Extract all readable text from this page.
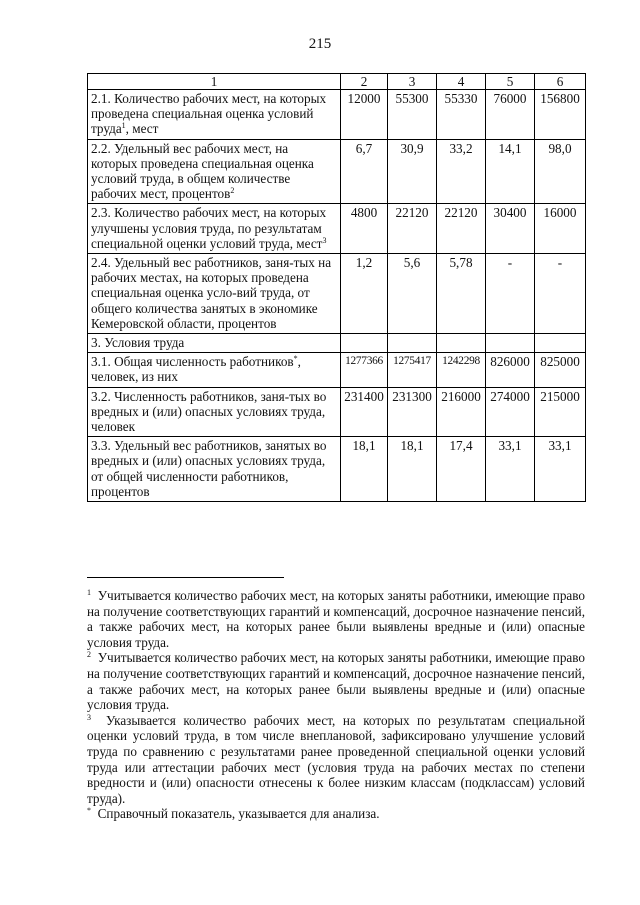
215
1	2	3	4	5	6
2.1. Количество рабочих мест, на которых проведена специальная оценка условий труда$^1$, мест	12000	55300	55330	76000	156800
2.2. Удельный вес рабочих мест, на которых проведена специальная оценка условий труда, в общем количестве рабочих мест, процентов$^2$	6,7	30,9	33,2	14,1	98,0
2.3. Количество рабочих мест, на которых улучшены условия труда, по результатам специальной оценки условий труда, мест$^3$	4800	22120	22120	30400	16000
2.4. Удельный вес работников, заня-тых на рабочих местах, на которых проведена специальная оценка усло-вий труда, от общего количества занятых в экономике Кемеровской области, процентов	1,2	5,6	5,78	-	-
3. Условия труда					
3.1. Общая численность работников*, человек, из них	1277366	1275417	1242298	826000	825000
3.2. Численность работников, заня-тых во вредных и (или) опасных условиях труда, человек	231400	231300	216000	274000	215000
3.3. Удельный вес работников, занятых во вредных и (или) опасных условиях труда, от общей численности работников, процентов	18,1	18,1	17,4	33,1	33,1

$^1$ Учитывается количество рабочих мест, на которых заняты работники, имеющие право на получение соответствующих гарантий и компенсаций, досрочное назначение пенсий, а также рабочих мест, на которых ранее были выявлены вредные и (или) опасные условия труда.

$^2$ Учитывается количество рабочих мест, на которых заняты работники, имеющие право на получение соответствующих гарантий и компенсаций, досрочное назначение пенсий, а также рабочих мест, на которых ранее были выявлены вредные и (или) опасные условия труда.

$^3$ Указывается количество рабочих мест, на которых по результатам специальной оценки условий труда, в том числе внеплановой, зафиксировано улучшение условий труда по сравнению с результатами ранее проведенной специальной оценки условий труда или аттестации рабочих мест (условия труда на рабочих местах по степени вредности и (или) опасности отнесены к более низким классам (подклассам) условий труда).

* Справочный показатель, указывается для анализа.
